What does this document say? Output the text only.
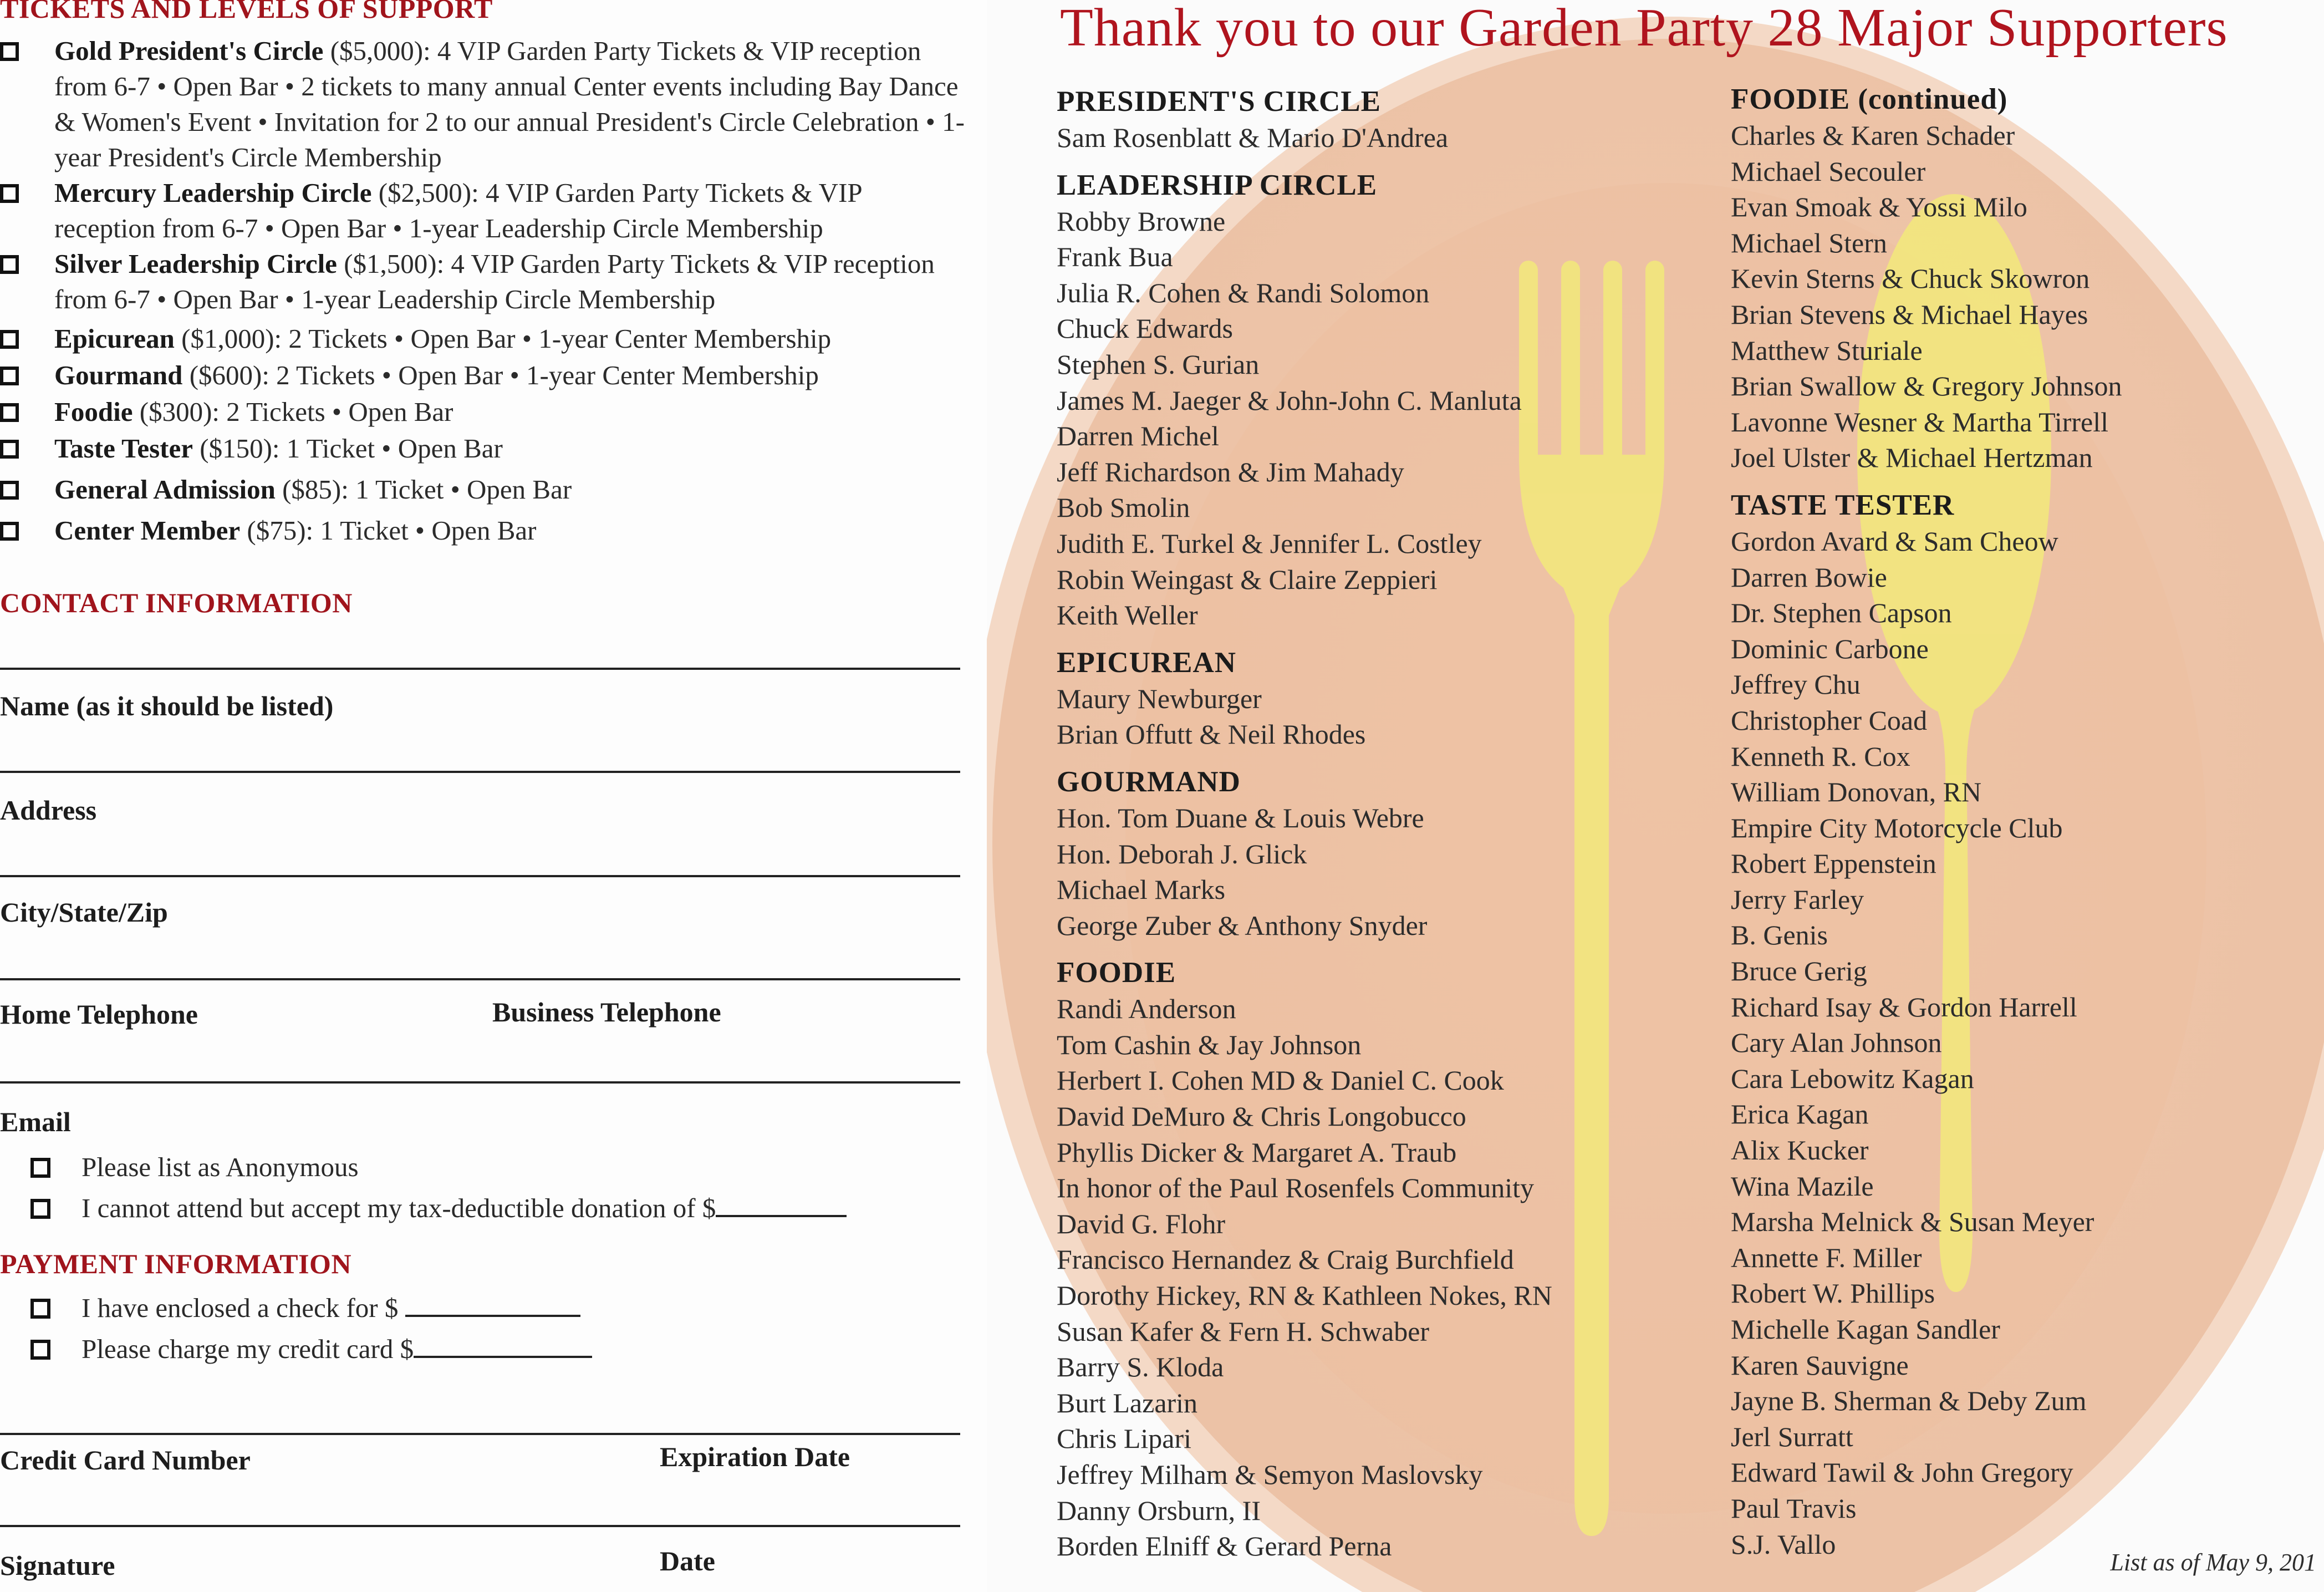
TICKETS AND LEVELS OF SUPPORT
Gold President's Circle ($5,000): 4 VIP Garden Party Tickets & VIP reception from 6-7 • Open Bar • 2 tickets to many annual Center events including Bay Dance & Women's Event • Invitation for 2 to our annual President's Circle Celebration • 1-year President's Circle Membership
Mercury Leadership Circle ($2,500): 4 VIP Garden Party Tickets & VIP reception from 6-7 • Open Bar • 1-year Leadership Circle Membership
Silver Leadership Circle ($1,500): 4 VIP Garden Party Tickets & VIP reception from 6-7 • Open Bar • 1-year Leadership Circle Membership
Epicurean ($1,000): 2 Tickets • Open Bar • 1-year Center Membership
Gourmand ($600): 2 Tickets • Open Bar • 1-year Center Membership
Foodie ($300): 2 Tickets • Open Bar
Taste Tester ($150): 1 Ticket • Open Bar
General Admission ($85): 1 Ticket • Open Bar
Center Member ($75): 1 Ticket • Open Bar
CONTACT INFORMATION
Name (as it should be listed)
Address
City/State/Zip
Home Telephone	Business Telephone
Email
Please list as Anonymous
I cannot attend but accept my tax-deductible donation of $
PAYMENT INFORMATION
I have enclosed a check for $
Please charge my credit card $
Credit Card Number	Expiration Date
Signature	Date
Thank you to our Garden Party 28 Major Supporters
PRESIDENT'S CIRCLE
Sam Rosenblatt & Mario D'Andrea
LEADERSHIP CIRCLE
Robby Browne
Frank Bua
Julia R. Cohen & Randi Solomon
Chuck Edwards
Stephen S. Gurian
James M. Jaeger & John-John C. Manluta
Darren Michel
Jeff Richardson & Jim Mahady
Bob Smolin
Judith E. Turkel & Jennifer L. Costley
Robin Weingast & Claire Zeppieri
Keith Weller
EPICUREAN
Maury Newburger
Brian Offutt & Neil Rhodes
GOURMAND
Hon. Tom Duane & Louis Webre
Hon. Deborah J. Glick
Michael Marks
George Zuber & Anthony Snyder
FOODIE
Randi Anderson
Tom Cashin & Jay Johnson
Herbert I. Cohen MD & Daniel C. Cook
David DeMuro & Chris Longobucco
Phyllis Dicker & Margaret A. Traub
In honor of the Paul Rosenfels Community
David G. Flohr
Francisco Hernandez & Craig Burchfield
Dorothy Hickey, RN & Kathleen Nokes, RN
Susan Kafer & Fern H. Schwaber
Barry S. Kloda
Burt Lazarin
Chris Lipari
Jeffrey Milham & Semyon Maslovsky
Danny Orsburn, II
Borden Elniff & Gerard Perna
FOODIE (continued)
Charles & Karen Schader
Michael Secouler
Evan Smoak & Yossi Milo
Michael Stern
Kevin Sterns & Chuck Skowron
Brian Stevens & Michael Hayes
Matthew Sturiale
Brian Swallow & Gregory Johnson
Lavonne Wesner & Martha Tirrell
Joel Ulster & Michael Hertzman
TASTE TESTER
Gordon Avard & Sam Cheow
Darren Bowie
Dr. Stephen Capson
Dominic Carbone
Jeffrey Chu
Christopher Coad
Kenneth R. Cox
William Donovan, RN
Empire City Motorcycle Club
Robert Eppenstein
Jerry Farley
B. Genis
Bruce Gerig
Richard Isay & Gordon Harrell
Cary Alan Johnson
Cara Lebowitz Kagan
Erica Kagan
Alix Kucker
Wina Mazile
Marsha Melnick & Susan Meyer
Annette F. Miller
Robert W. Phillips
Michelle Kagan Sandler
Karen Sauvigne
Jayne B. Sherman & Deby Zum
Jerl Surratt
Edward Tawil & John Gregory
Paul Travis
S.J. Vallo
List as of May 9, 201
